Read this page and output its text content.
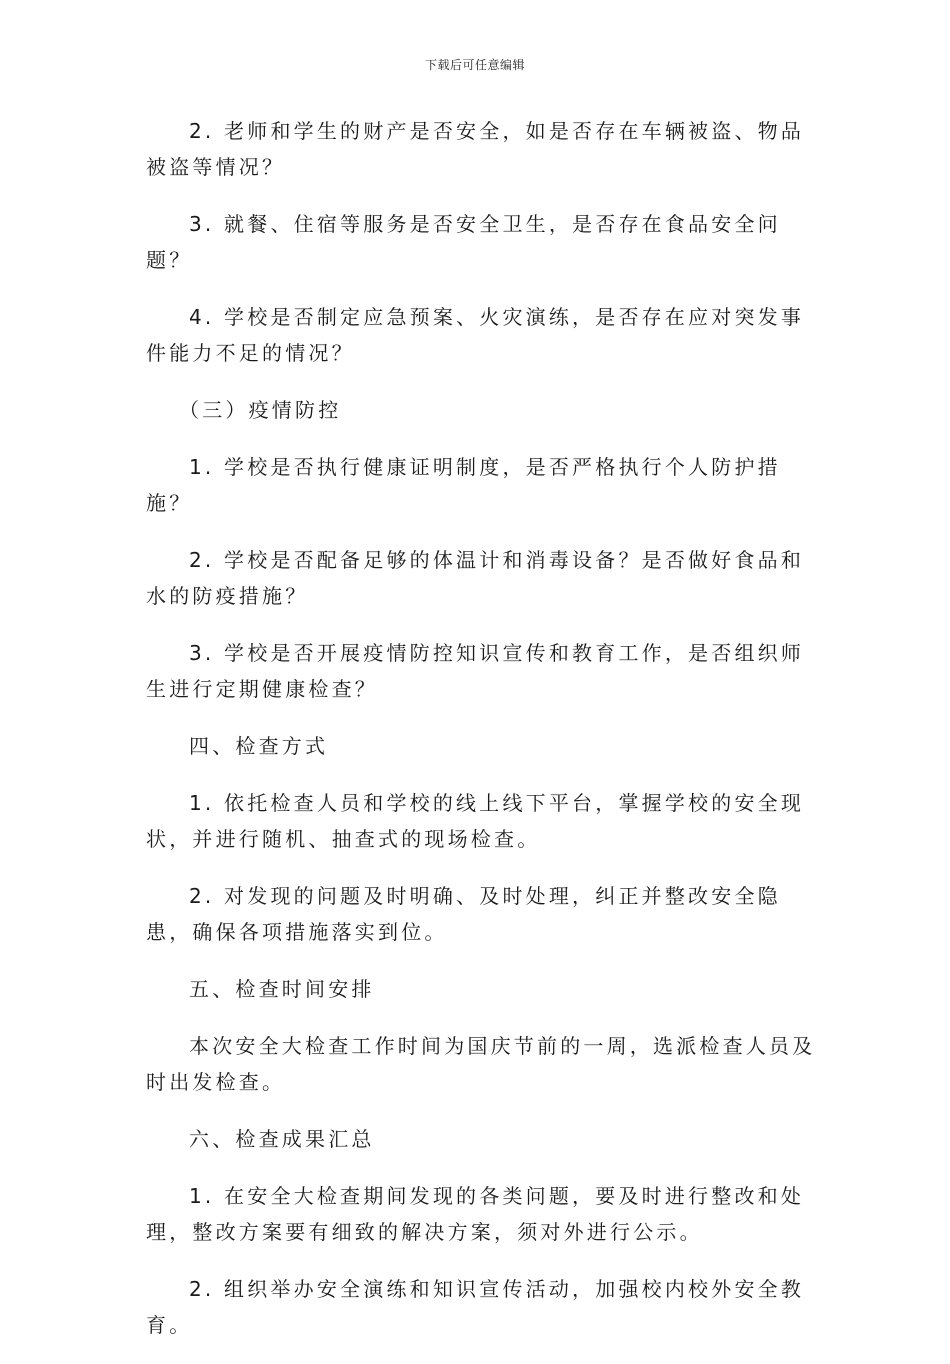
下载后可任意编辑

2. 老师和学生的财产是否安全，如是否存在车辆被盗、物品被盗等情况？

3. 就餐、住宿等服务是否安全卫生，是否存在食品安全问题？

4. 学校是否制定应急预案、火灾演练，是否存在应对突发事件能力不足的情况？

（三）疫情防控

1. 学校是否执行健康证明制度，是否严格执行个人防护措施？

2. 学校是否配备足够的体温计和消毒设备？是否做好食品和水的防疫措施？

3. 学校是否开展疫情防控知识宣传和教育工作，是否组织师生进行定期健康检查？

四、检查方式

1. 依托检查人员和学校的线上线下平台，掌握学校的安全现状，并进行随机、抽查式的现场检查。

2. 对发现的问题及时明确、及时处理，纠正并整改安全隐患，确保各项措施落实到位。

五、检查时间安排

本次安全大检查工作时间为国庆节前的一周，选派检查人员及时出发检查。

六、检查成果汇总

1. 在安全大检查期间发现的各类问题，要及时进行整改和处理，整改方案要有细致的解决方案，须对外进行公示。

2. 组织举办安全演练和知识宣传活动，加强校内校外安全教育。
